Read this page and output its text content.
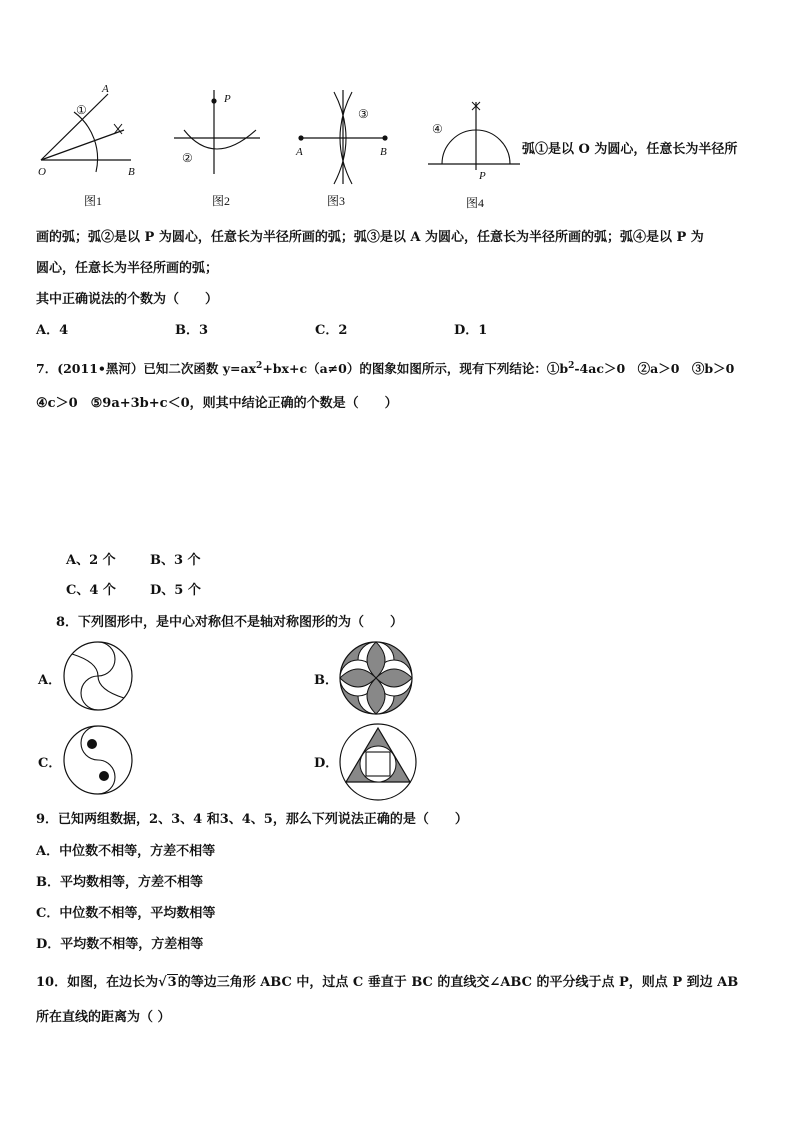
A
O	B
①
图1
P
②
图2
A	B
③
图3
④
P
图4
弧①是以 O 为圆心，任意长为半径所
画的弧；弧②是以 P 为圆心，任意长为半径所画的弧；弧③是以 A 为圆心，任意长为半径所画的弧；弧④是以 P 为
圆心，任意长为半径所画的弧；
其中正确说法的个数为（　　）
A．4	B．3	C．2	D．1
7．(2011•黑河）已知二次函数 $y=ax^2+bx+c(a\ne 0)$的图象如图所示，现有下列结论：$①b^2-4ac>0$　②a＞0　③b＞0
④c＞0　⑤9a+3b+c＜0，则其中结论正确的个数是（　　）
A、2 个	B、3 个
C、4 个	D、5 个
8．下列图形中，是中心对称但不是轴对称图形的为（　　）
A．	B．
C．	D．
9．已知两组数据，2、3、4 和3、4、5，那么下列说法正确的是（　　）
A．中位数不相等，方差不相等
B．平均数相等，方差不相等
C．中位数不相等，平均数相等
D．平均数不相等，方差相等
10．如图，在边长为√3的等边三角形 ABC 中，过点 C 垂直于 BC 的直线交∠ABC 的平分线于点 P，则点 P 到边 AB
所在直线的距离为（ ）
